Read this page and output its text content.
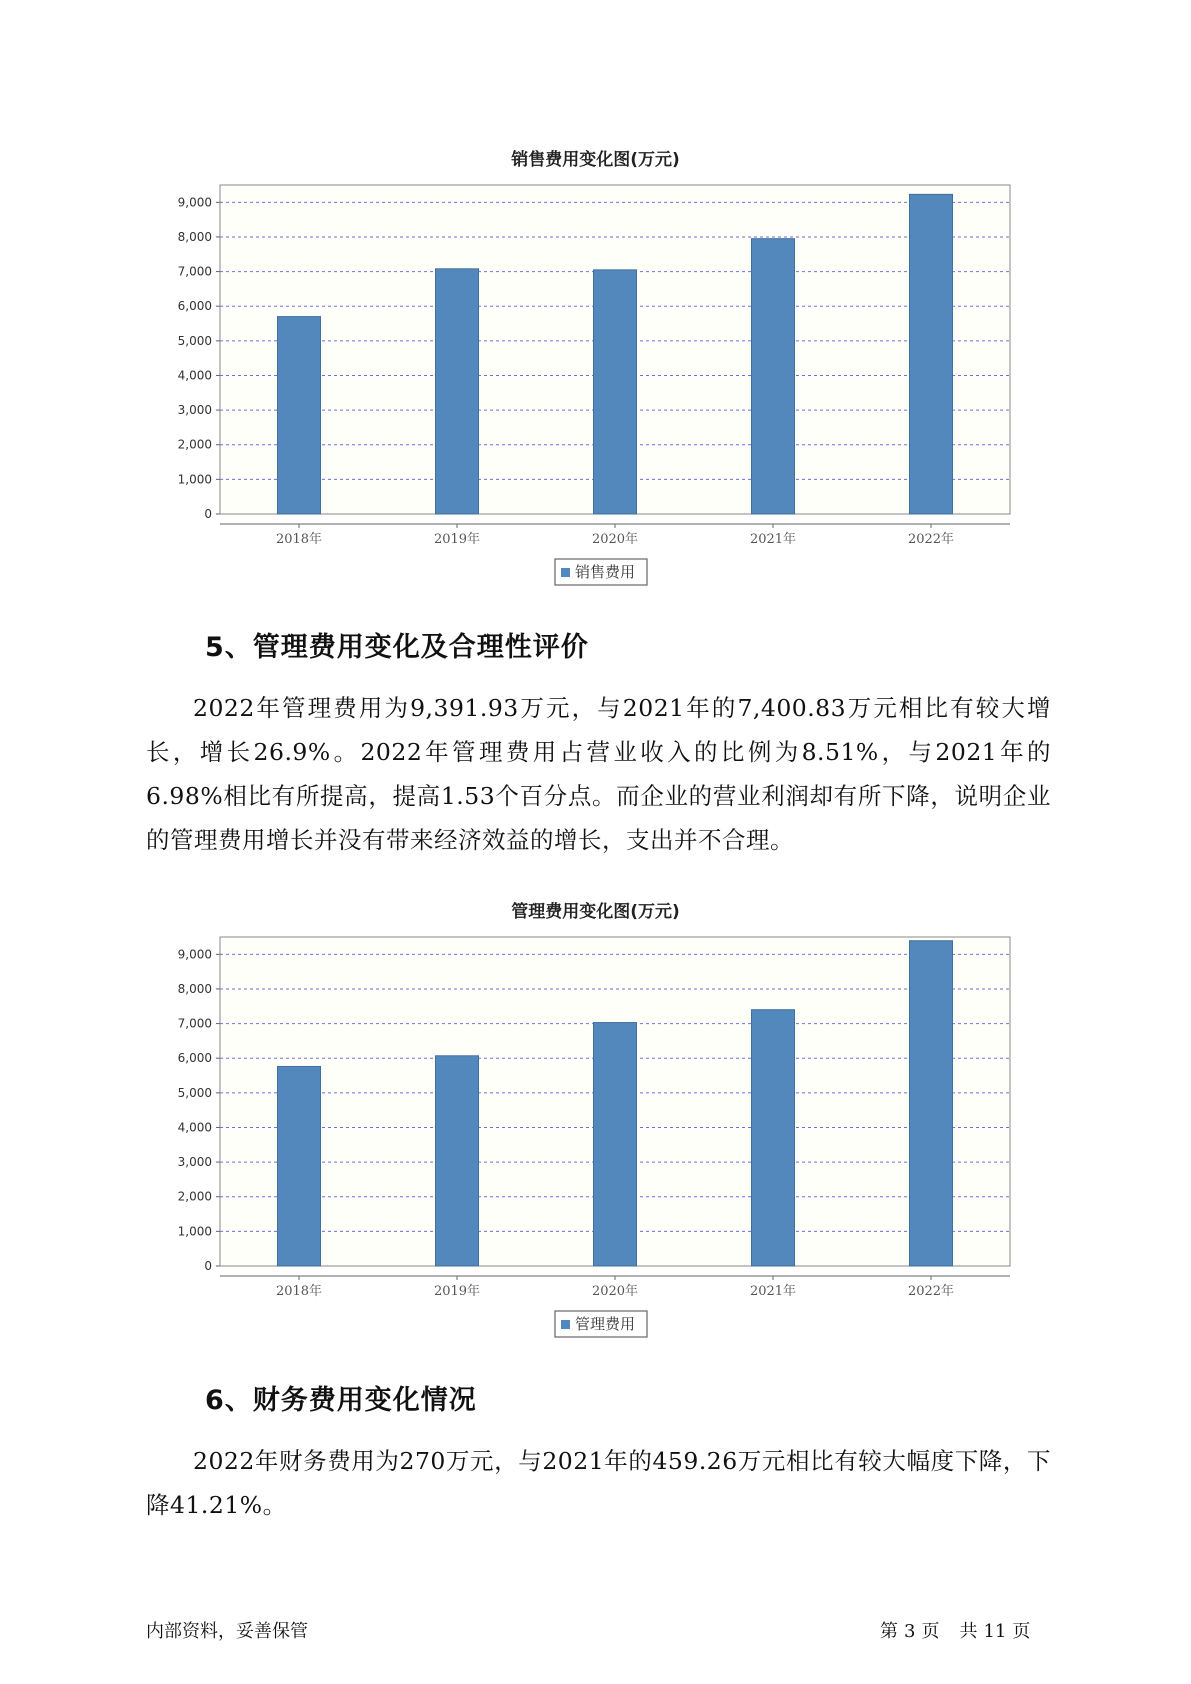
销售费用变化图(万元)
0
1,000
2,000
3,000
4,000
5,000
6,000
7,000
8,000
9,000
2018年	2019年	2020年	2021年	2022年
销售费用
5、管理费用变化及合理性评价
2022年管理费用为9,391.93万元，与2021年的7,400.83万元相比有较大增长，增长26.9%。2022年管理费用占营业收入的比例为8.51%，与2021年的6.98%相比有所提高，提高1.53个百分点。而企业的营业利润却有所下降，说明企业的管理费用增长并没有带来经济效益的增长，支出并不合理。
管理费用变化图(万元)
0
1,000
2,000
3,000
4,000
5,000
6,000
7,000
8,000
9,000
2018年	2019年	2020年	2021年	2022年
管理费用
6、财务费用变化情况
2022年财务费用为270万元，与2021年的459.26万元相比有较大幅度下降，下降41.21%。
内部资料，妥善保管	第 3 页 共 11 页
